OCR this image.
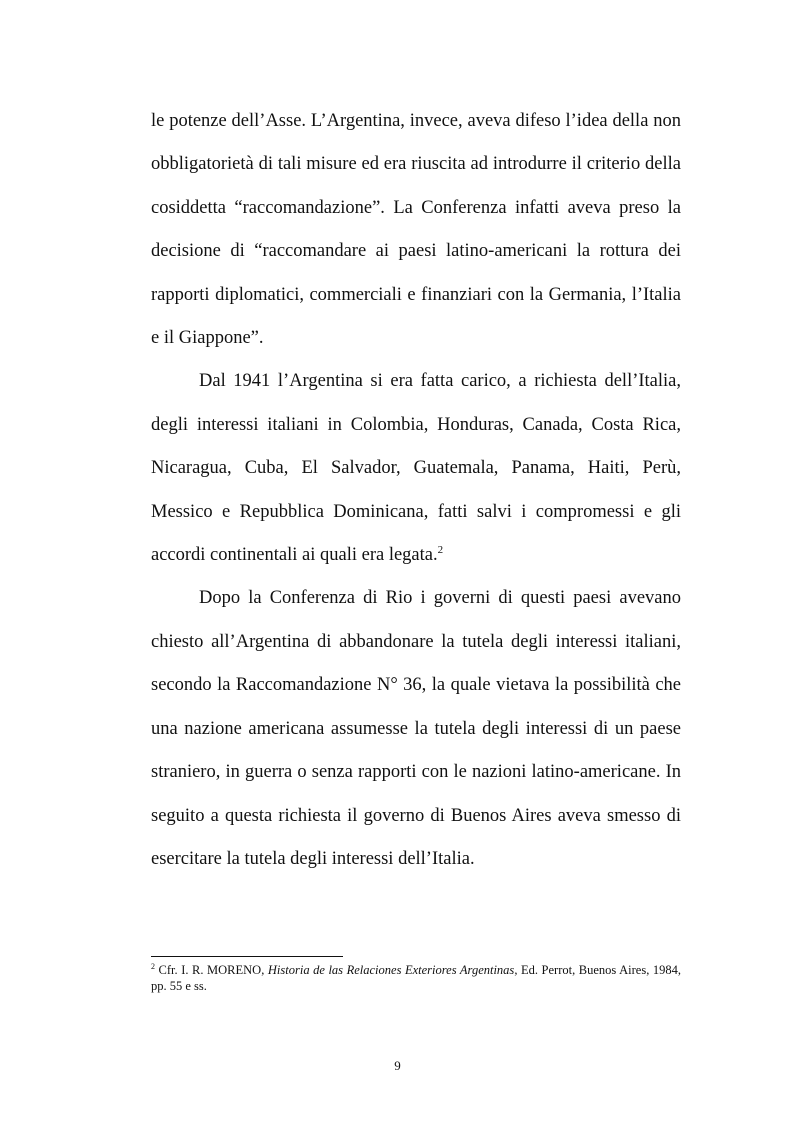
le potenze dell’Asse. L’Argentina, invece, aveva difeso l’idea della non obbligatorietà di tali misure ed era riuscita ad introdurre il criterio della cosiddetta “raccomandazione”. La Conferenza infatti aveva preso la decisione di “raccomandare ai paesi latino-americani la rottura dei rapporti diplomatici, commerciali e finanziari con la Germania, l’Italia e il Giappone”.

Dal 1941 l’Argentina si era fatta carico, a richiesta dell’Italia, degli interessi italiani in Colombia, Honduras, Canada, Costa Rica, Nicaragua, Cuba, El Salvador, Guatemala, Panama, Haiti, Perù, Messico e Repubblica Dominicana, fatti salvi i compromessi e gli accordi continentali ai quali era legata.$^2$

Dopo la Conferenza di Rio i governi di questi paesi avevano chiesto all’Argentina di abbandonare la tutela degli interessi italiani, secondo la Raccomandazione N° 36, la quale vietava la possibilità che una nazione americana assumesse la tutela degli interessi di un paese straniero, in guerra o senza rapporti con le nazioni latino-americane. In seguito a questa richiesta il governo di Buenos Aires aveva smesso di esercitare la tutela degli interessi dell’Italia.

$^2$ Cfr. I. R. MORENO, Historia de las Relaciones Exteriores Argentinas, Ed. Perrot, Buenos Aires, 1984, pp. 55 e ss.
9
